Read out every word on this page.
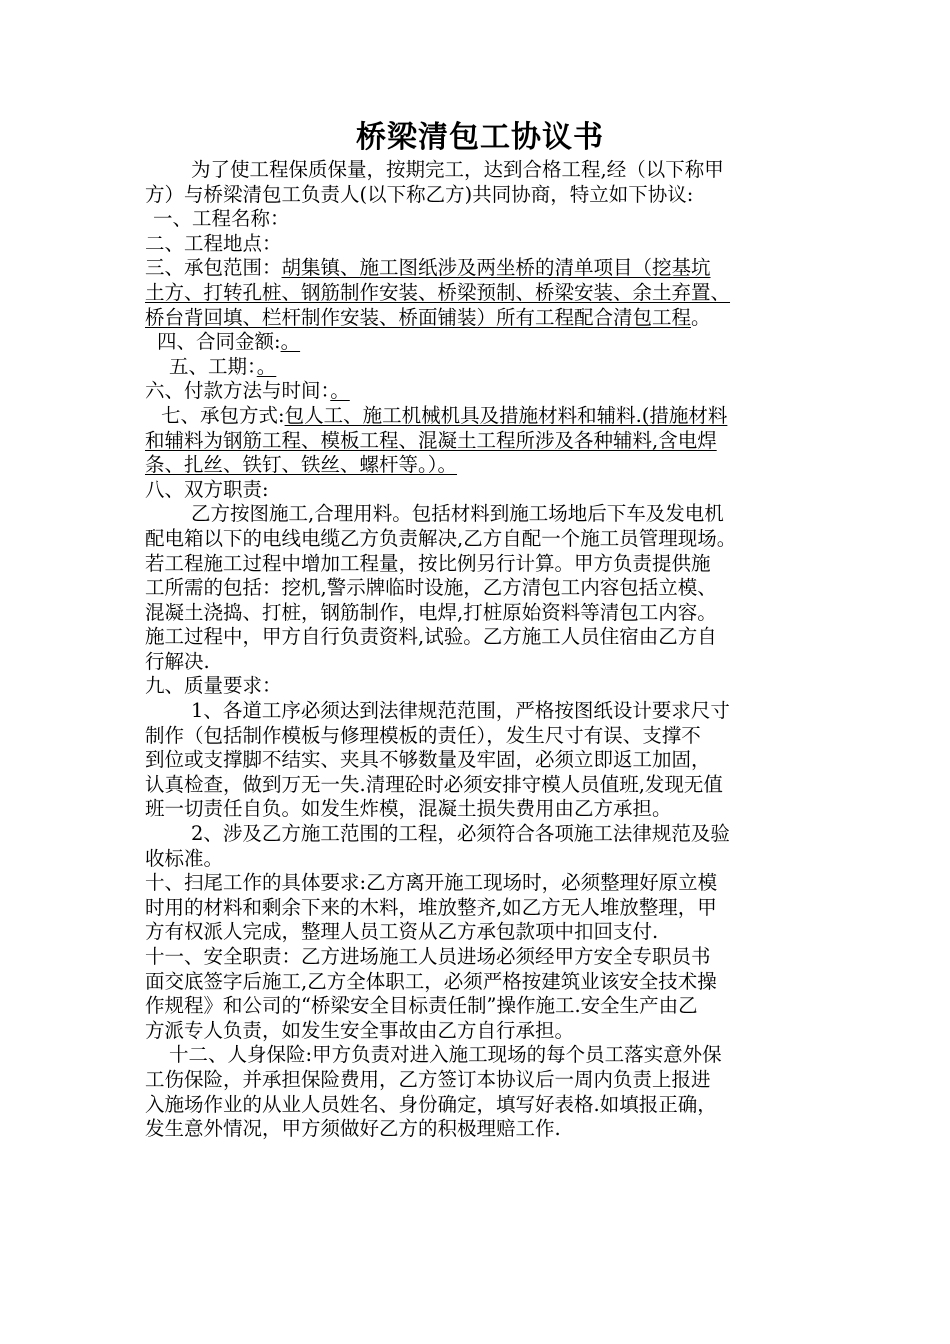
桥梁清包工协议书
为了使工程保质保量，按期完工，达到合格工程,经（以下称甲
方）与桥梁清包工负责人(以下称乙方)共同协商，特立如下协议:
一、工程名称：
二、工程地点：
三、承包范围：胡集镇、施工图纸涉及两坐桥的清单项目（挖基坑
土方、打转孔桩、钢筋制作安装、桥梁预制、桥梁安装、余土弃置、
桥台背回填、栏杆制作安装、桥面铺装）所有工程配合清包工程。
四、合同金额:。
五、工期：。
六、付款方法与时间：。
七、承包方式:包人工、施工机械机具及措施材料和辅料.(措施材料
和辅料为钢筋工程、模板工程、混凝土工程所涉及各种辅料,含电焊
条、扎丝、铁钉、铁丝、螺杆等。）。
八、双方职责:
乙方按图施工,合理用料。包括材料到施工场地后下车及发电机
配电箱以下的电线电缆乙方负责解决,乙方自配一个施工员管理现场。
若工程施工过程中增加工程量，按比例另行计算。甲方负责提供施
工所需的包括：挖机,警示牌临时设施，乙方清包工内容包括立模、
混凝土浇捣、打桩，钢筋制作，电焊,打桩原始资料等清包工内容。
施工过程中，甲方自行负责资料,试验。乙方施工人员住宿由乙方自
行解决.
九、质量要求：
1、各道工序必须达到法律规范范围，严格按图纸设计要求尺寸
制作（包括制作模板与修理模板的责任），发生尺寸有误、支撑不
到位或支撑脚不结实、夹具不够数量及牢固，必须立即返工加固，
认真检查，做到万无一失.清理砼时必须安排守模人员值班,发现无值
班一切责任自负。如发生炸模，混凝土损失费用由乙方承担。
2、涉及乙方施工范围的工程，必须符合各项施工法律规范及验
收标准。
十、扫尾工作的具体要求:乙方离开施工现场时，必须整理好原立模
时用的材料和剩余下来的木料，堆放整齐,如乙方无人堆放整理，甲
方有权派人完成，整理人员工资从乙方承包款项中扣回支付.
十一、安全职责：乙方进场施工人员进场必须经甲方安全专职员书
面交底签字后施工,乙方全体职工，必须严格按建筑业该安全技术操
作规程》和公司的“桥梁安全目标责任制”操作施工.安全生产由乙
方派专人负责，如发生安全事故由乙方自行承担。
十二、人身保险:甲方负责对进入施工现场的每个员工落实意外保
工伤保险，并承担保险费用，乙方签订本协议后一周内负责上报进
入施场作业的从业人员姓名、身份确定，填写好表格.如填报正确，
发生意外情况，甲方须做好乙方的积极理赔工作.
